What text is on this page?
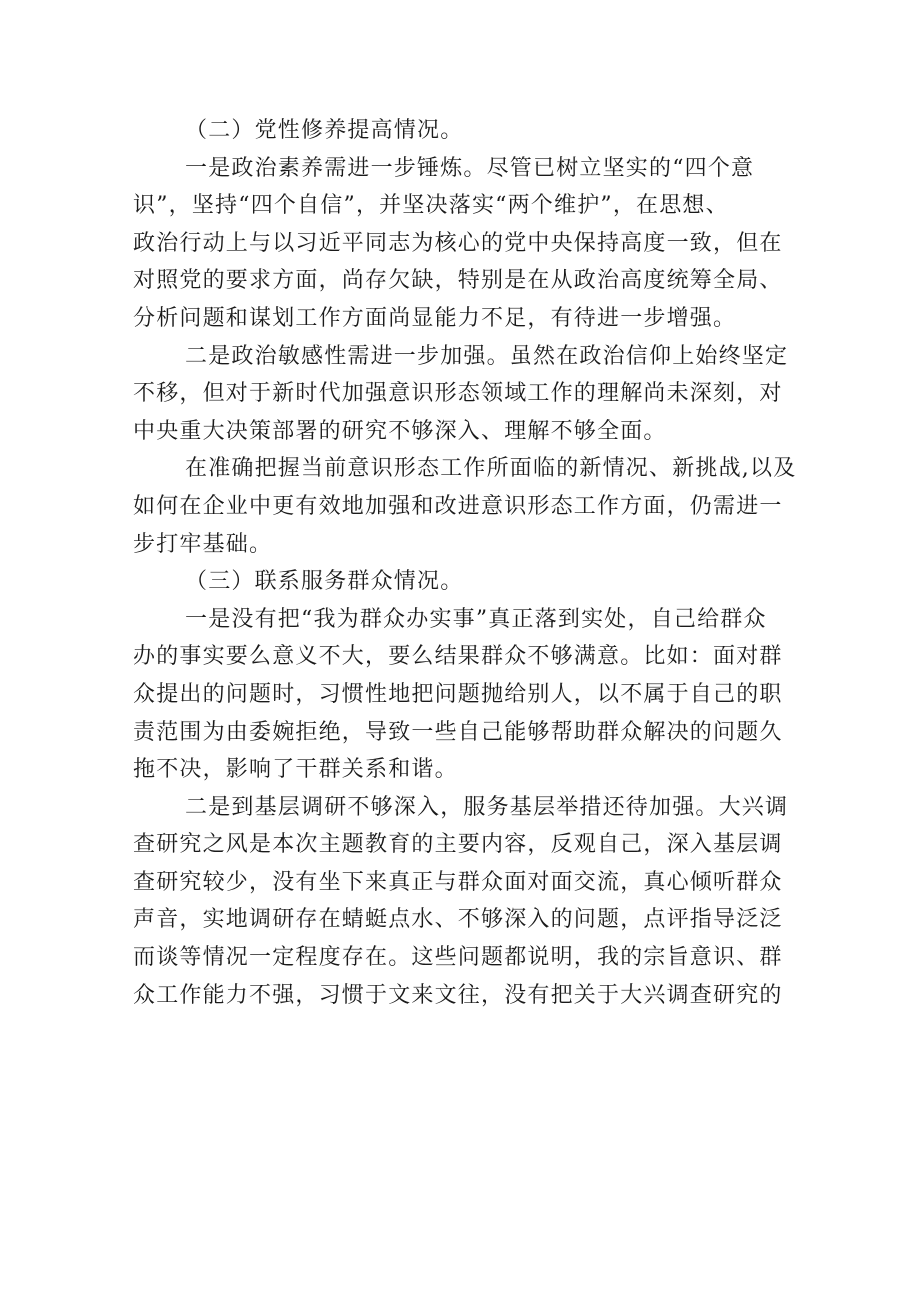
（二）党性修养提高情况。
一是政治素养需进一步锤炼。尽管已树立坚实的“四个意
识”，坚持“四个自信”，并坚决落实“两个维护”，在思想、
政治行动上与以习近平同志为核心的党中央保持高度一致，但在
对照党的要求方面，尚存欠缺，特别是在从政治高度统筹全局、
分析问题和谋划工作方面尚显能力不足，有待进一步增强。
二是政治敏感性需进一步加强。虽然在政治信仰上始终坚定
不移，但对于新时代加强意识形态领域工作的理解尚未深刻，对
中央重大决策部署的研究不够深入、理解不够全面。
在准确把握当前意识形态工作所面临的新情况、新挑战,以及
如何在企业中更有效地加强和改进意识形态工作方面，仍需进一
步打牢基础。
（三）联系服务群众情况。
一是没有把“我为群众办实事”真正落到实处，自己给群众
办的事实要么意义不大，要么结果群众不够满意。比如：面对群
众提出的问题时，习惯性地把问题抛给别人，以不属于自己的职
责范围为由委婉拒绝，导致一些自己能够帮助群众解决的问题久
拖不决，影响了干群关系和谐。
二是到基层调研不够深入，服务基层举措还待加强。大兴调
查研究之风是本次主题教育的主要内容，反观自己，深入基层调
查研究较少，没有坐下来真正与群众面对面交流，真心倾听群众
声音，实地调研存在蜻蜓点水、不够深入的问题，点评指导泛泛
而谈等情况一定程度存在。这些问题都说明，我的宗旨意识、群
众工作能力不强，习惯于文来文往，没有把关于大兴调查研究的
